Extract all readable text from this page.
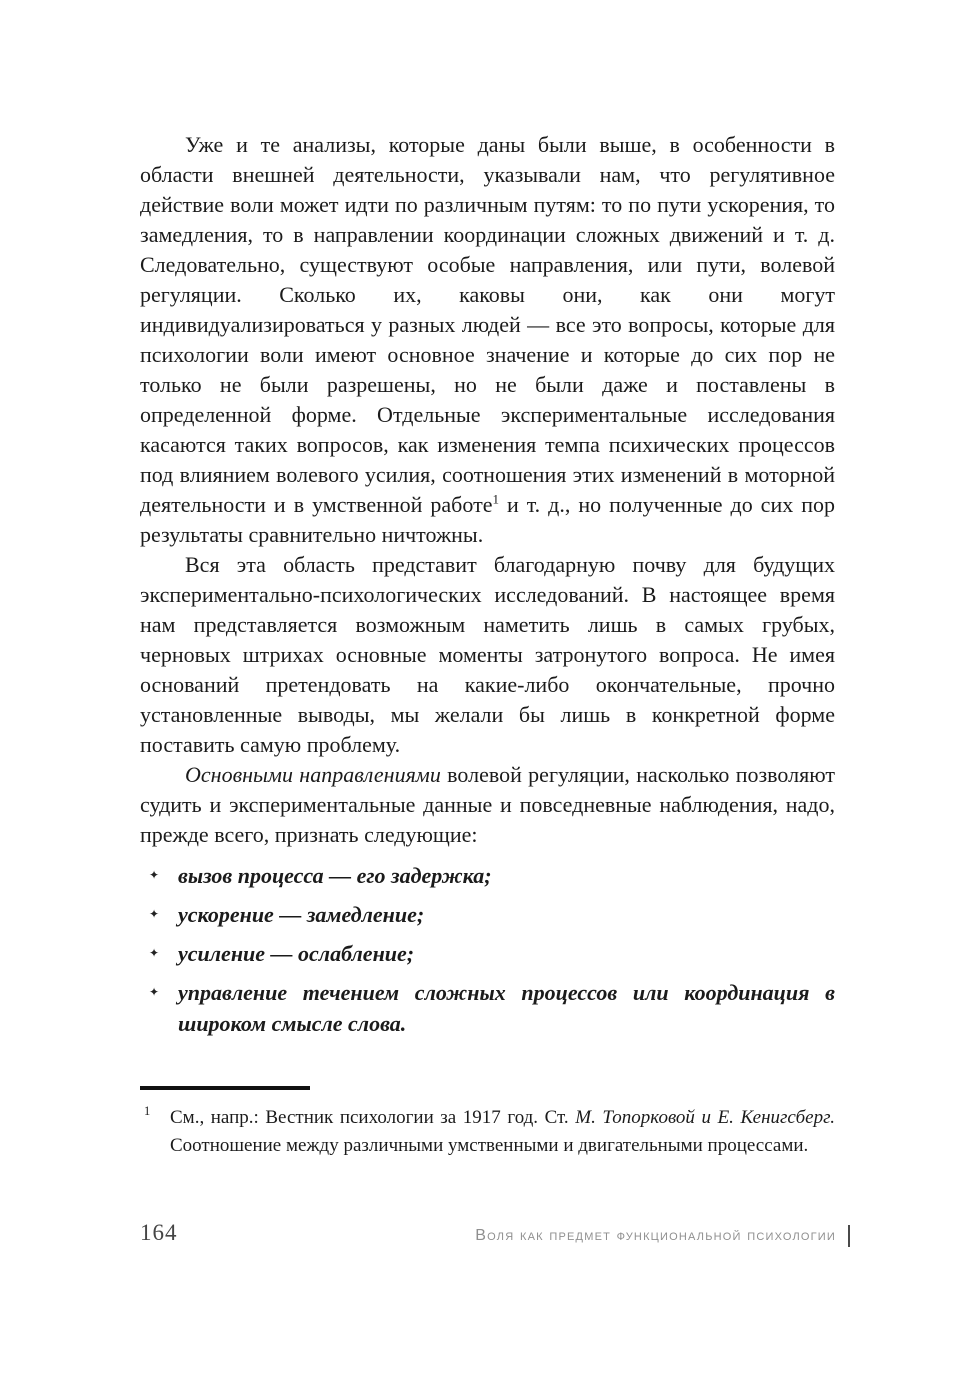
Уже и те анализы, которые даны были выше, в особенности в области внешней деятельности, указывали нам, что регулятивное действие воли может идти по различным путям: то по пути ускорения, то замедления, то в направлении координации сложных движений и т. д. Следовательно, существуют особые направления, или пути, волевой регуляции. Сколько их, каковы они, как они могут индивидуализироваться у разных людей — все это вопросы, которые для психологии воли имеют основное значение и которые до сих пор не только не были разрешены, но не были даже и поставлены в определенной форме. Отдельные экспериментальные исследования касаются таких вопросов, как изменения темпа психических процессов под влиянием волевого усилия, соотношения этих изменений в моторной деятельности и в умственной работе$^1$ и т. д., но полученные до сих пор результаты сравнительно ничтожны.

Вся эта область представит благодарную почву для будущих экспериментально-психологических исследований. В настоящее время нам представляется возможным наметить лишь в самых грубых, черновых штрихах основные моменты затронутого вопроса. Не имея оснований претендовать на какие-либо окончательные, прочно установленные выводы, мы желали бы лишь в конкретной форме поставить самую проблему.

Основными направлениями волевой регуляции, насколько позволяют судить и экспериментальные данные и повседневные наблюдения, надо, прежде всего, признать следующие:

✦ вызов процесса — его задержка;
✦ ускорение — замедление;
✦ усиление — ослабление;
✦ управление течением сложных процессов или координация в широком смысле слова.
1 См., напр.: Вестник психологии за 1917 год. Ст. М. Топорковой и Е. Кенигсберг. Соотношение между различными умственными и двигательными процессами.
164	Воля как предмет функциональной психологии
